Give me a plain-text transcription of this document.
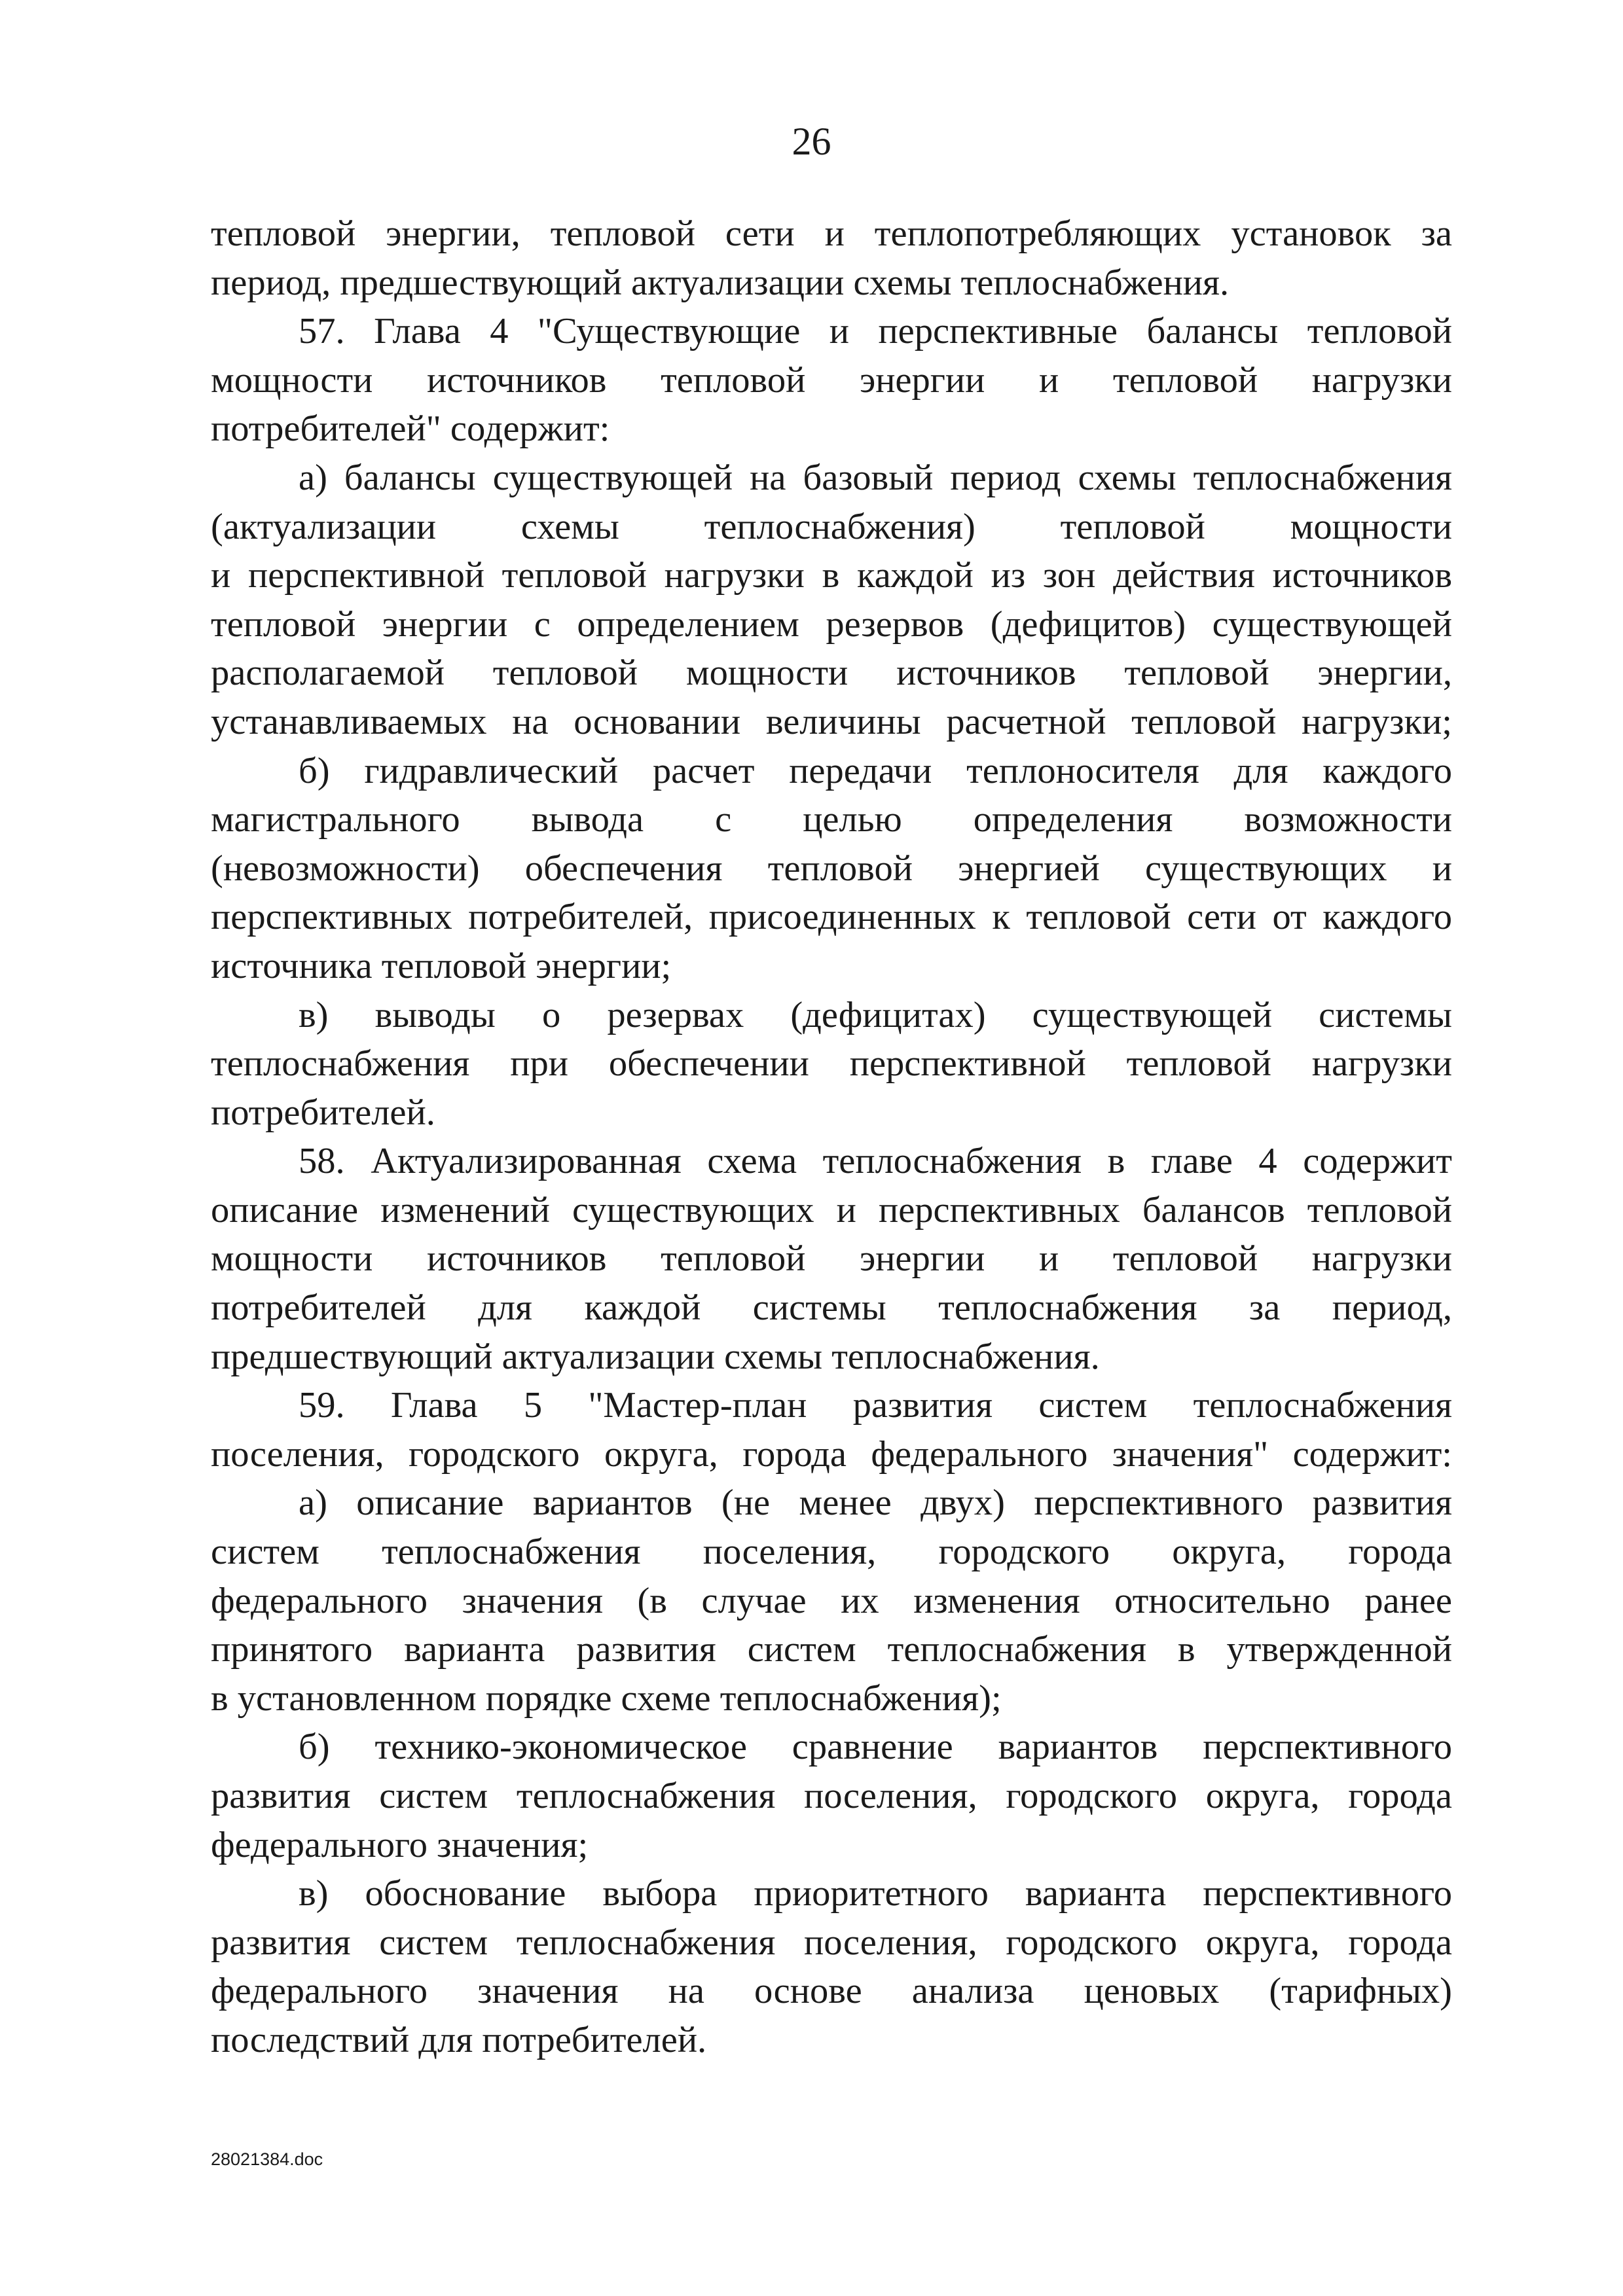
26
тепловой энергии, тепловой сети и теплопотребляющих установок за
период, предшествующий актуализации схемы теплоснабжения.
57. Глава 4 "Существующие и перспективные балансы тепловой
мощности источников тепловой энергии и тепловой нагрузки
потребителей" содержит:
а) балансы существующей на базовый период схемы теплоснабжения
(актуализации схемы теплоснабжения) тепловой мощности
и перспективной тепловой нагрузки в каждой из зон действия источников
тепловой энергии с определением резервов (дефицитов) существующей
располагаемой тепловой мощности источников тепловой энергии,
устанавливаемых на основании величины расчетной тепловой нагрузки;
б) гидравлический расчет передачи теплоносителя для каждого
магистрального вывода с целью определения возможности
(невозможности) обеспечения тепловой энергией существующих и
перспективных потребителей, присоединенных к тепловой сети от каждого
источника тепловой энергии;
в) выводы о резервах (дефицитах) существующей системы
теплоснабжения при обеспечении перспективной тепловой нагрузки
потребителей.
58. Актуализированная схема теплоснабжения в главе 4 содержит
описание изменений существующих и перспективных балансов тепловой
мощности источников тепловой энергии и тепловой нагрузки
потребителей для каждой системы теплоснабжения за период,
предшествующий актуализации схемы теплоснабжения.
59. Глава 5 "Мастер-план развития систем теплоснабжения
поселения, городского округа, города федерального значения" содержит:
а) описание вариантов (не менее двух) перспективного развития
систем теплоснабжения поселения, городского округа, города
федерального значения (в случае их изменения относительно ранее
принятого варианта развития систем теплоснабжения в утвержденной
в установленном порядке схеме теплоснабжения);
б) технико-экономическое сравнение вариантов перспективного
развития систем теплоснабжения поселения, городского округа, города
федерального значения;
в) обоснование выбора приоритетного варианта перспективного
развития систем теплоснабжения поселения, городского округа, города
федерального значения на основе анализа ценовых (тарифных)
последствий для потребителей.
28021384.doc
